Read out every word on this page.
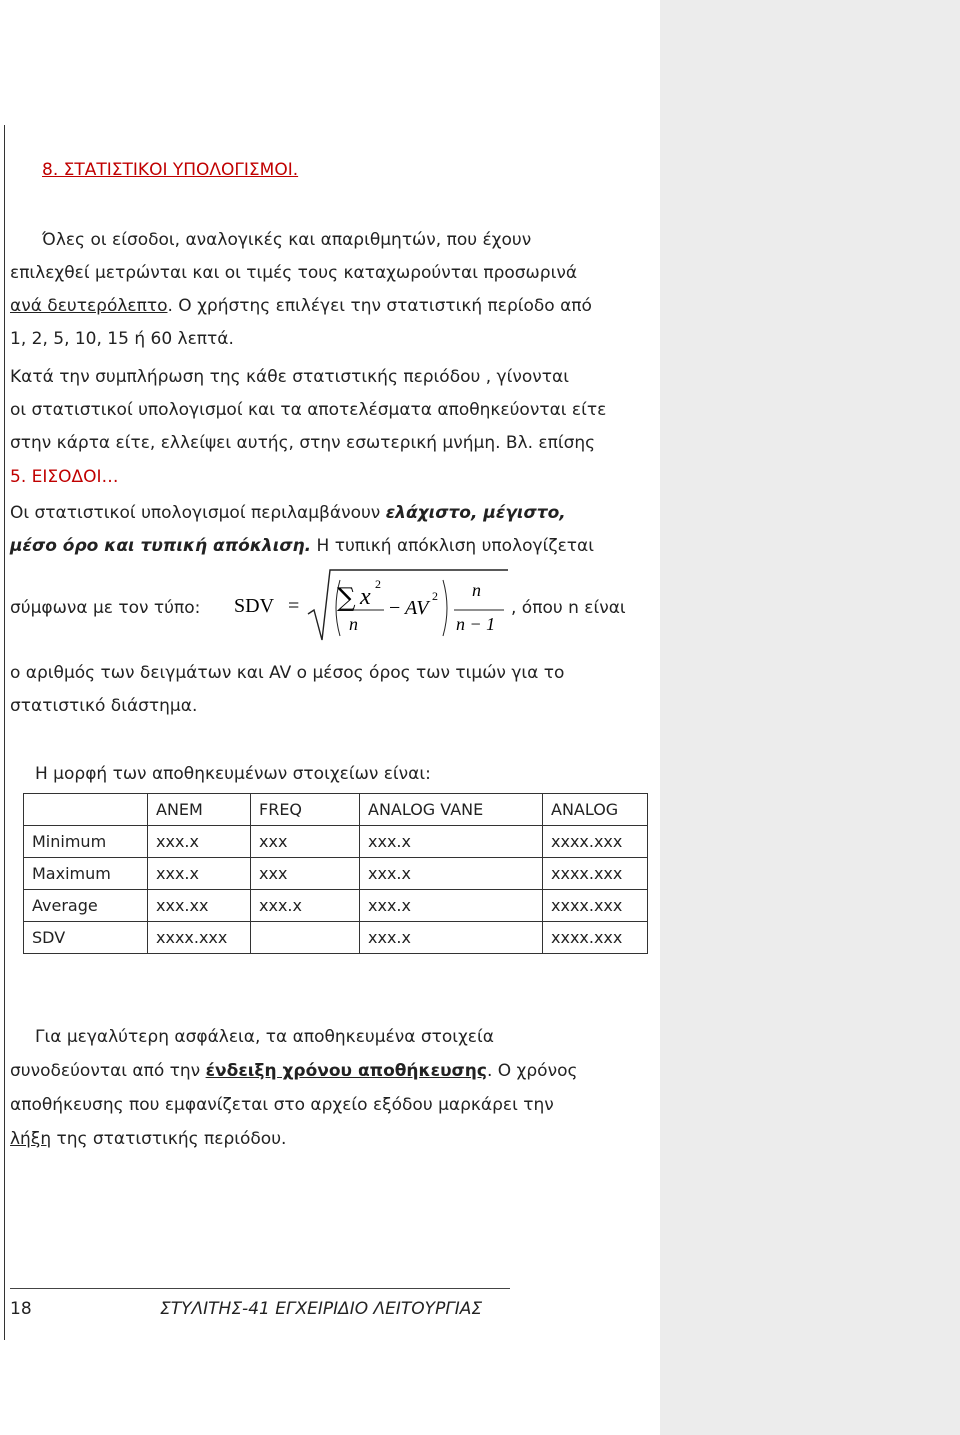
8. ΣΤΑΤΙΣΤΙΚΟΙ ΥΠΟΛΟΓΙΣΜΟΙ.
Όλες οι είσοδοι, αναλογικές και απαριθμητών, που έχουν
επιλεχθεί μετρώνται και οι τιμές τους καταχωρούνται προσωρινά
ανά δευτερόλεπτο. Ο χρήστης επιλέγει την στατιστική περίοδο από
1, 2, 5, 10, 15 ή 60 λεπτά.
Κατά την συμπλήρωση της κάθε στατιστικής περιόδου , γίνονται
οι στατιστικοί υπολογισμοί και τα αποτελέσματα αποθηκεύονται είτε
στην κάρτα είτε, ελλείψει αυτής, στην εσωτερική μνήμη. Βλ. επίσης
5. ΕΙΣΟΔΟΙ…
Οι στατιστικοί υπολογισμοί περιλαμβάνουν ελάχιστο, μέγιστο,
μέσο όρο και τυπική απόκλιση. Η τυπική απόκλιση υπολογίζεται
σύμφωνα με τον τύπο: SDV = ∑ x 2
n
− AV
2 n
n − 1
, όπου n είναι
ο αριθμός των δειγμάτων και AV ο μέσος όρος των τιμών για το
στατιστικό διάστημα.
Η μορφή των αποθηκευμένων στοιχείων είναι:
	ANEM	FREQ	ANALOG VANE	ANALOG
Minimum	xxx.x	xxx	xxx.x	xxxx.xxx
Maximum	xxx.x	xxx	xxx.x	xxxx.xxx
Average	xxx.xx	xxx.x	xxx.x	xxxx.xxx
SDV	xxxx.xxx		xxx.x	xxxx.xxx
Για μεγαλύτερη ασφάλεια, τα αποθηκευμένα στοιχεία
συνοδεύονται από την ένδειξη χρόνου αποθήκευσης. Ο χρόνος
αποθήκευσης που εμφανίζεται στο αρχείο εξόδου μαρκάρει την
λήξη της στατιστικής περιόδου.
18	ΣΤΥΛΙΤΗΣ-41 ΕΓΧΕΙΡΙΔΙΟ ΛΕΙΤΟΥΡΓΙΑΣ
